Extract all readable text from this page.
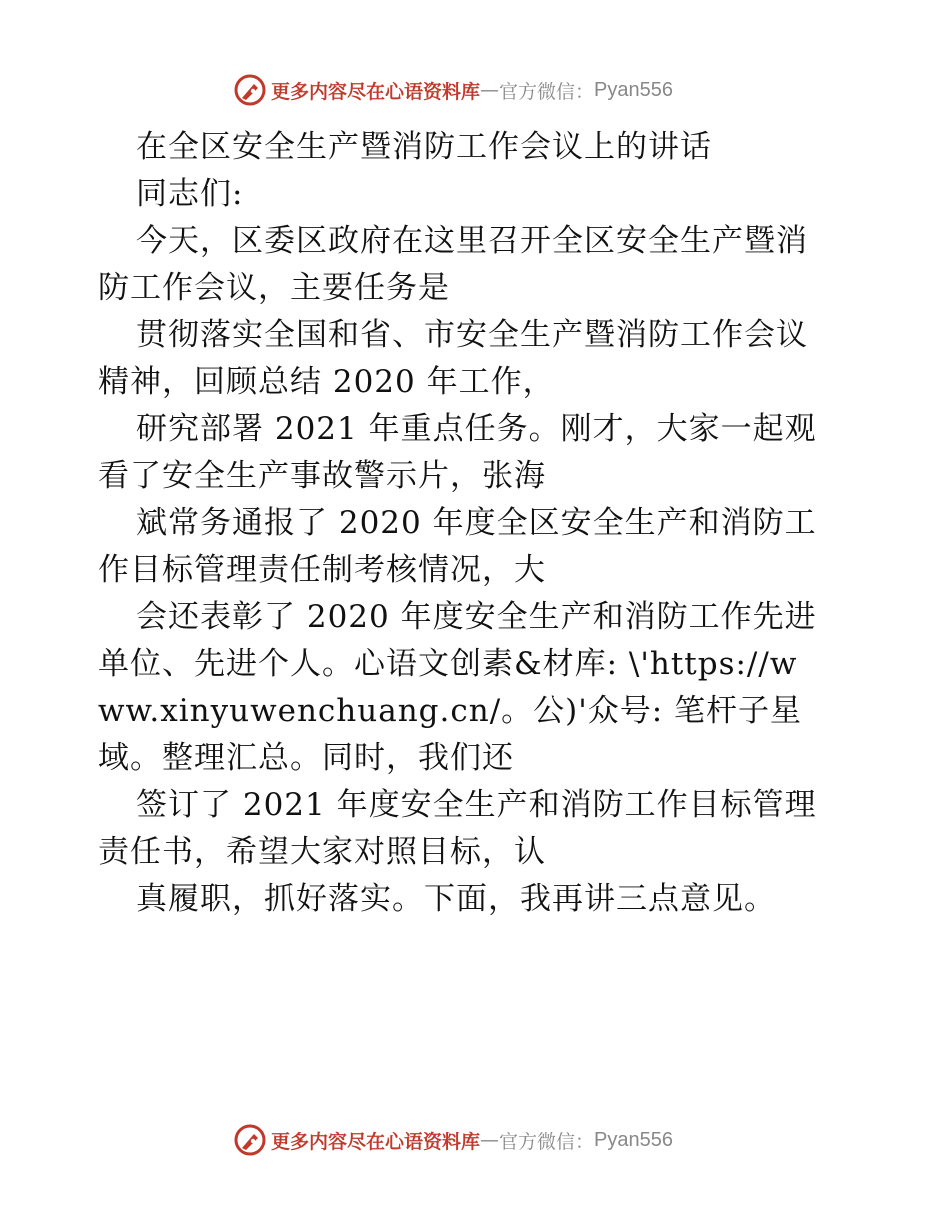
更多内容尽在心语资料库 — 官方微信： Pyan556
在全区安全生产暨消防工作会议上的讲话
同志们:
今天，区委区政府在这里召开全区安全生产暨消
防工作会议，主要任务是
贯彻落实全国和省、市安全生产暨消防工作会议
精神，回顾总结 2020 年工作，
研究部署 2021 年重点任务。刚才，大家一起观
看了安全生产事故警示片，张海
斌常务通报了 2020 年度全区安全生产和消防工
作目标管理责任制考核情况，大
会还表彰了 2020 年度安全生产和消防工作先进
单位、先进个人。心语文创素&材库: \'https://w
ww.xinyuwenchuang.cn/。公)'众号: 笔杆子星
域。整理汇总。同时，我们还
签订了 2021 年度安全生产和消防工作目标管理
责任书，希望大家对照目标，认
真履职，抓好落实。下面，我再讲三点意见。
更多内容尽在心语资料库 — 官方微信： Pyan556
